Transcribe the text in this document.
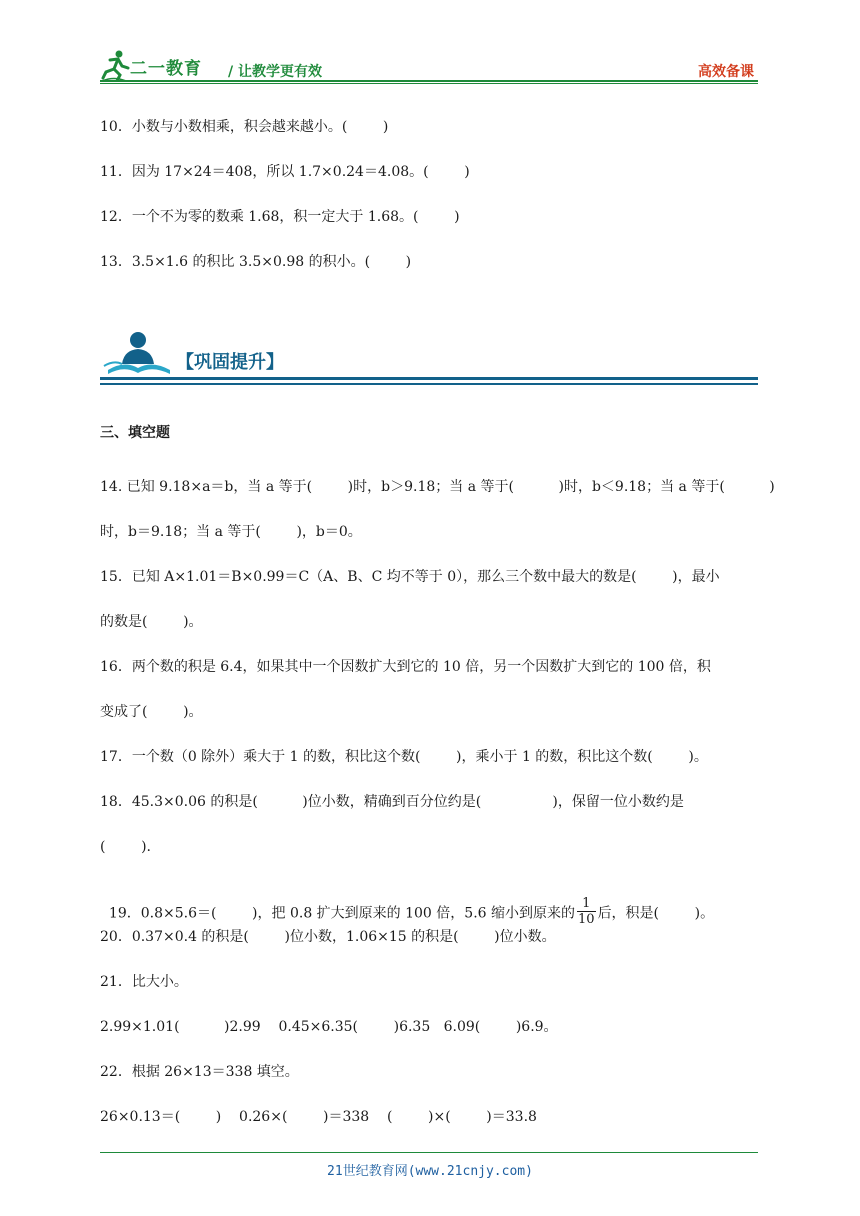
二一教育 / 让教学更有效	高效备课
10．小数与小数相乘，积会越来越小。(        )
11．因为 17×24＝408，所以 1.7×0.24＝4.08。(        )
12．一个不为零的数乘 1.68，积一定大于 1.68。(        )
13．3.5×1.6 的积比 3.5×0.98 的积小。(        )
【巩固提升】
三、填空题
14. 已知 9.18×a＝b，当 a 等于(        )时，b＞9.18；当 a 等于(          )时，b＜9.18；当 a 等于(          )
时，b＝9.18；当 a 等于(        )，b＝0。
15．已知 A×1.01＝B×0.99＝C（A、B、C 均不等于 0），那么三个数中最大的数是(        )，最小
的数是(        )。
16．两个数的积是 6.4，如果其中一个因数扩大到它的 10 倍，另一个因数扩大到它的 100 倍，积
变成了(        )。
17．一个数（0 除外）乘大于 1 的数，积比这个数(        )，乘小于 1 的数，积比这个数(        )。
18．45.3×0.06 的积是(          )位小数，精确到百分位约是(                )，保留一位小数约是
(        ).

19．0.8×5.6＝(        )，把 0.8 扩大到原来的 100 倍，5.6 缩小到原来的 $\frac{1}{10}$ 后，积是(        )。

20．0.37×0.4 的积是(        )位小数，1.06×15 的积是(        )位小数。
21．比大小。
2.99×1.01(          )2.99    0.45×6.35(        )6.35   6.09(        )6.9。
22．根据 26×13＝338 填空。
26×0.13＝(        )    0.26×(        )＝338    (        )×(        )＝33.8
21世纪教育网(www.21cnjy.com)
